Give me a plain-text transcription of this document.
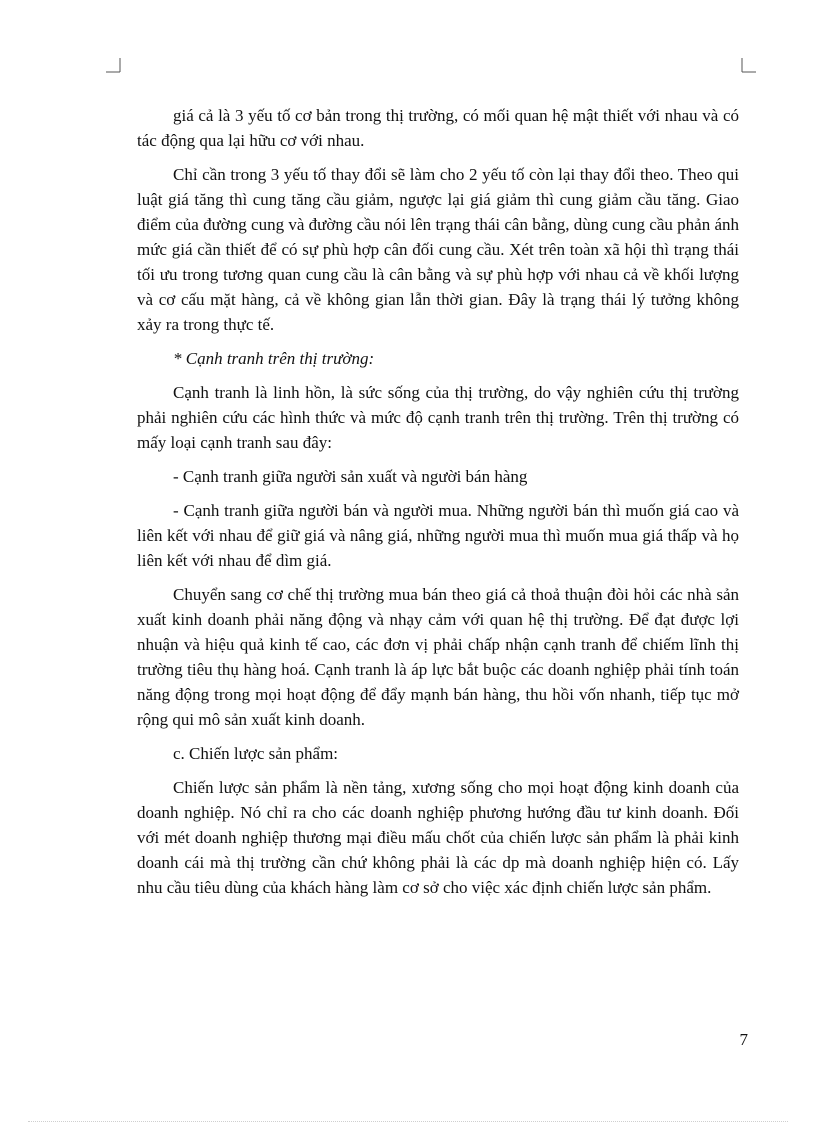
giá cả là 3 yếu tố cơ bản trong thị trường, có mối quan hệ mật thiết với nhau và có tác động qua lại hữu cơ với nhau.

Chỉ cần trong 3 yếu tố thay đổi sẽ làm cho 2 yếu tố còn lại thay đổi theo. Theo qui luật giá tăng thì cung tăng cầu giảm, ngược lại giá giảm thì cung giảm cầu tăng. Giao điểm của đường cung và đường cầu nói lên trạng thái cân bằng, dùng cung cầu phản ánh mức giá cần thiết để có sự phù hợp cân đối cung cầu. Xét trên toàn xã hội thì trạng thái tối ưu trong tương quan cung cầu là cân bằng và sự phù hợp với nhau cả về khối lượng và cơ cấu mặt hàng, cả về không gian lẫn thời gian. Đây là trạng thái lý tưởng không xảy ra trong thực tế.

* Cạnh tranh trên thị trường:

Cạnh tranh là linh hồn, là sức sống của thị trường, do vậy nghiên cứu thị trường phải nghiên cứu các hình thức và mức độ cạnh tranh trên thị trường. Trên thị trường có mấy loại cạnh tranh sau đây:

- Cạnh tranh giữa người sản xuất và người bán hàng

- Cạnh tranh giữa người bán và người mua. Những người bán thì muốn giá cao và liên kết với nhau để giữ giá và nâng giá, những người mua thì muốn mua giá thấp và họ liên kết với nhau để dìm giá.

Chuyển sang cơ chế thị trường mua bán theo giá cả thoả thuận đòi hỏi các nhà sản xuất kinh doanh phải năng động và nhạy cảm với quan hệ thị trường. Để đạt được lợi nhuận và hiệu quả kinh tế cao, các đơn vị phải chấp nhận cạnh tranh để chiếm lĩnh thị trường tiêu thụ hàng hoá. Cạnh tranh là áp lực bắt buộc các doanh nghiệp phải tính toán năng động trong mọi hoạt động để đẩy mạnh bán hàng, thu hồi vốn nhanh, tiếp tục mở rộng qui mô sản xuất kinh doanh.

c. Chiến lược sản phẩm:

Chiến lược sản phẩm là nền tảng, xương sống cho mọi hoạt động kinh doanh của doanh nghiệp. Nó chỉ ra cho các doanh nghiệp phương hướng đầu tư kinh doanh. Đối với mét doanh nghiệp thương mại điều mấu chốt của chiến lược sản phẩm là phải kinh doanh cái mà thị trường cần chứ không phải là các dp mà doanh nghiệp hiện có. Lấy nhu cầu tiêu dùng của khách hàng làm cơ sở cho việc xác định chiến lược sản phẩm.

7
